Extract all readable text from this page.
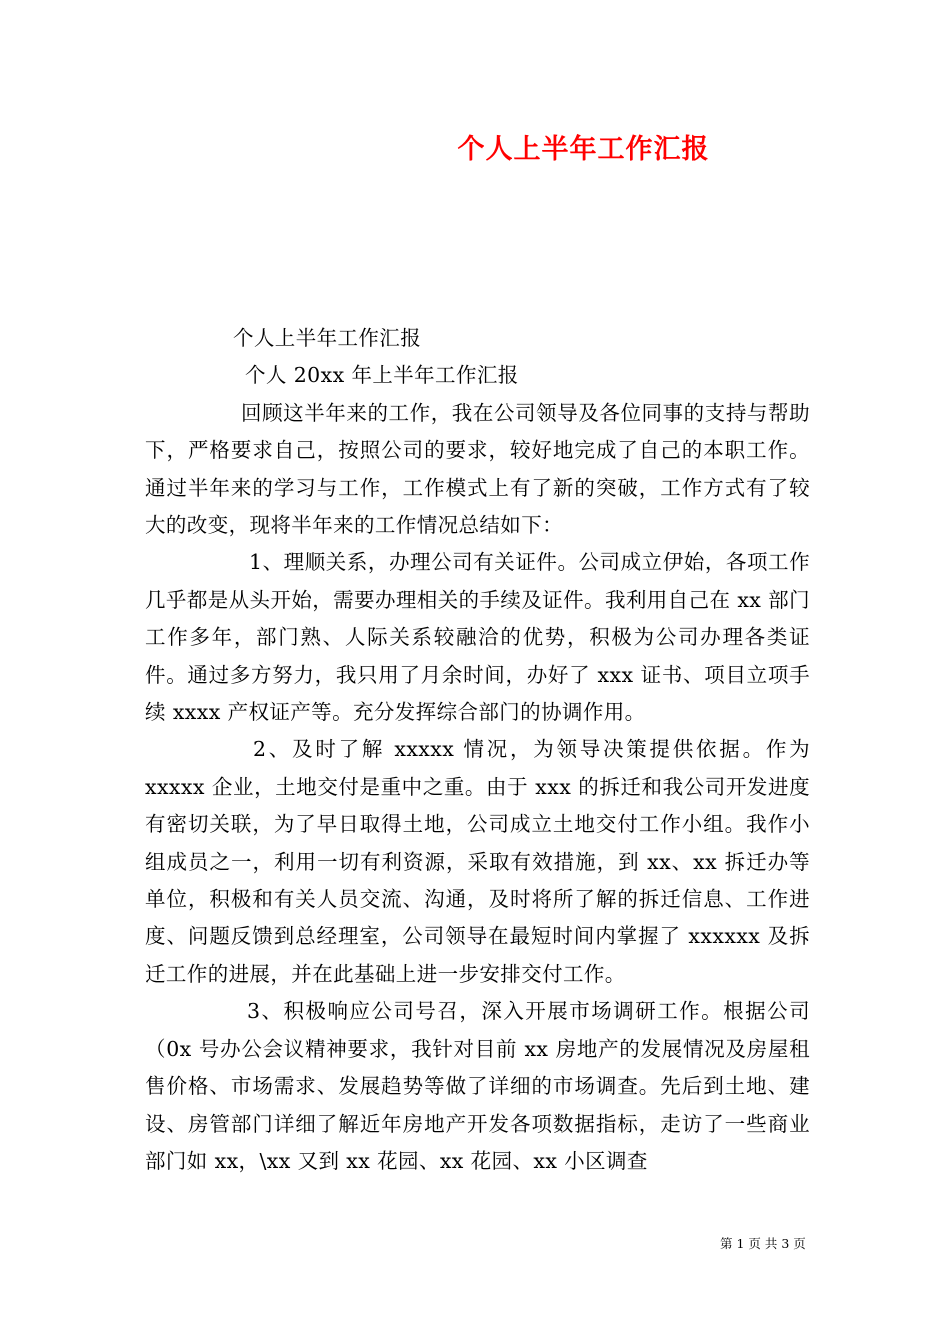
个人上半年工作汇报
个人上半年工作汇报
个人 20xx 年上半年工作汇报

回顾这半年来的工作，我在公司领导及各位同事的支持与帮助下，严格要求自己，按照公司的要求，较好地完成了自己的本职工作。通过半年来的学习与工作，工作模式上有了新的突破，工作方式有了较大的改变，现将半年来的工作情况总结如下：

1、理顺关系，办理公司有关证件。公司成立伊始，各项工作几乎都是从头开始，需要办理相关的手续及证件。我利用自己在 xx 部门工作多年，部门熟、人际关系较融洽的优势，积极为公司办理各类证件。通过多方努力，我只用了月余时间，办好了 xxx 证书、项目立项手续 xxxx 产权证产等。充分发挥综合部门的协调作用。

2、及时了解 xxxxx 情况，为领导决策提供依据。作为 xxxxx 企业，土地交付是重中之重。由于 xxx 的拆迁和我公司开发进度有密切关联，为了早日取得土地，公司成立土地交付工作小组。我作小组成员之一，利用一切有利资源，采取有效措施，到 xx、xx 拆迁办等单位，积极和有关人员交流、沟通，及时将所了解的拆迁信息、工作进度、问题反馈到总经理室，公司领导在最短时间内掌握了 xxxxxx 及拆迁工作的进展，并在此基础上进一步安排交付工作。

3、积极响应公司号召，深入开展市场调研工作。根据公司（0x 号办公会议精神要求，我针对目前 xx 房地产的发展情况及房屋租售价格、市场需求、发展趋势等做了详细的市场调查。先后到土地、建设、房管部门详细了解近年房地产开发各项数据指标，走访了一些商业部门如 xx，\xx 又到 xx 花园、xx 花园、xx 小区调查

第 1 页 共 3 页
